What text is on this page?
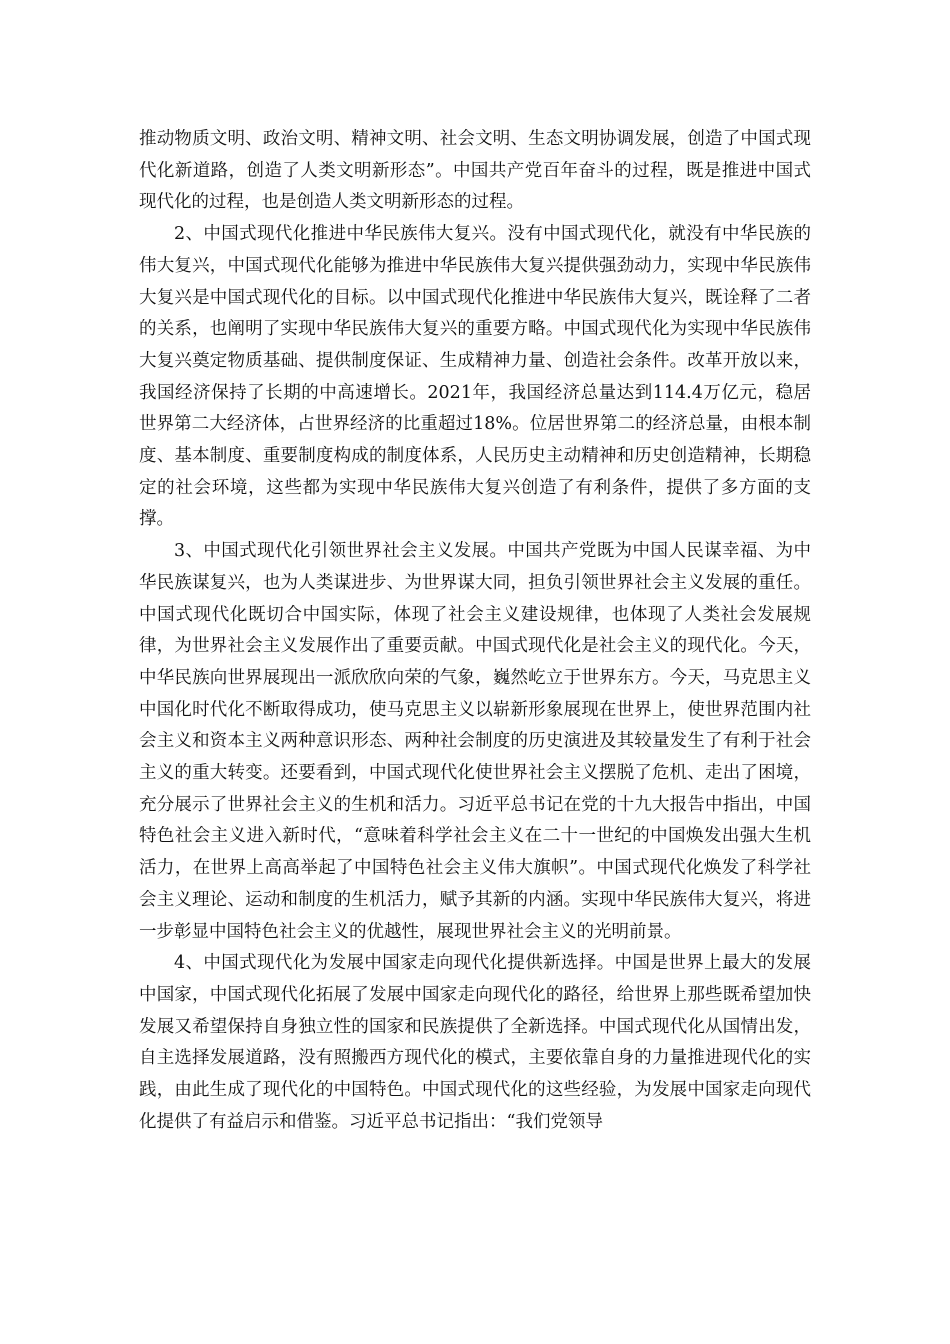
推动物质文明、政治文明、精神文明、社会文明、生态文明协调发展，创造了中国式现代化新道路，创造了人类文明新形态”。中国共产党百年奋斗的过程，既是推进中国式现代化的过程，也是创造人类文明新形态的过程。

2、中国式现代化推进中华民族伟大复兴。没有中国式现代化，就没有中华民族的伟大复兴，中国式现代化能够为推进中华民族伟大复兴提供强劲动力，实现中华民族伟大复兴是中国式现代化的目标。以中国式现代化推进中华民族伟大复兴，既诠释了二者的关系，也阐明了实现中华民族伟大复兴的重要方略。中国式现代化为实现中华民族伟大复兴奠定物质基础、提供制度保证、生成精神力量、创造社会条件。改革开放以来，我国经济保持了长期的中高速增长。2021年，我国经济总量达到114.4万亿元，稳居世界第二大经济体，占世界经济的比重超过18%。位居世界第二的经济总量，由根本制度、基本制度、重要制度构成的制度体系，人民历史主动精神和历史创造精神，长期稳定的社会环境，这些都为实现中华民族伟大复兴创造了有利条件，提供了多方面的支撑。

3、中国式现代化引领世界社会主义发展。中国共产党既为中国人民谋幸福、为中华民族谋复兴，也为人类谋进步、为世界谋大同，担负引领世界社会主义发展的重任。中国式现代化既切合中国实际，体现了社会主义建设规律，也体现了人类社会发展规律，为世界社会主义发展作出了重要贡献。中国式现代化是社会主义的现代化。今天，中华民族向世界展现出一派欣欣向荣的气象，巍然屹立于世界东方。今天，马克思主义中国化时代化不断取得成功，使马克思主义以崭新形象展现在世界上，使世界范围内社会主义和资本主义两种意识形态、两种社会制度的历史演进及其较量发生了有利于社会主义的重大转变。还要看到，中国式现代化使世界社会主义摆脱了危机、走出了困境，充分展示了世界社会主义的生机和活力。习近平总书记在党的十九大报告中指出，中国特色社会主义进入新时代，“意味着科学社会主义在二十一世纪的中国焕发出强大生机活力，在世界上高高举起了中国特色社会主义伟大旗帜”。中国式现代化焕发了科学社会主义理论、运动和制度的生机活力，赋予其新的内涵。实现中华民族伟大复兴，将进一步彰显中国特色社会主义的优越性，展现世界社会主义的光明前景。

4、中国式现代化为发展中国家走向现代化提供新选择。中国是世界上最大的发展中国家，中国式现代化拓展了发展中国家走向现代化的路径，给世界上那些既希望加快发展又希望保持自身独立性的国家和民族提供了全新选择。中国式现代化从国情出发，自主选择发展道路，没有照搬西方现代化的模式，主要依靠自身的力量推进现代化的实践，由此生成了现代化的中国特色。中国式现代化的这些经验，为发展中国家走向现代化提供了有益启示和借鉴。习近平总书记指出：“我们党领导
